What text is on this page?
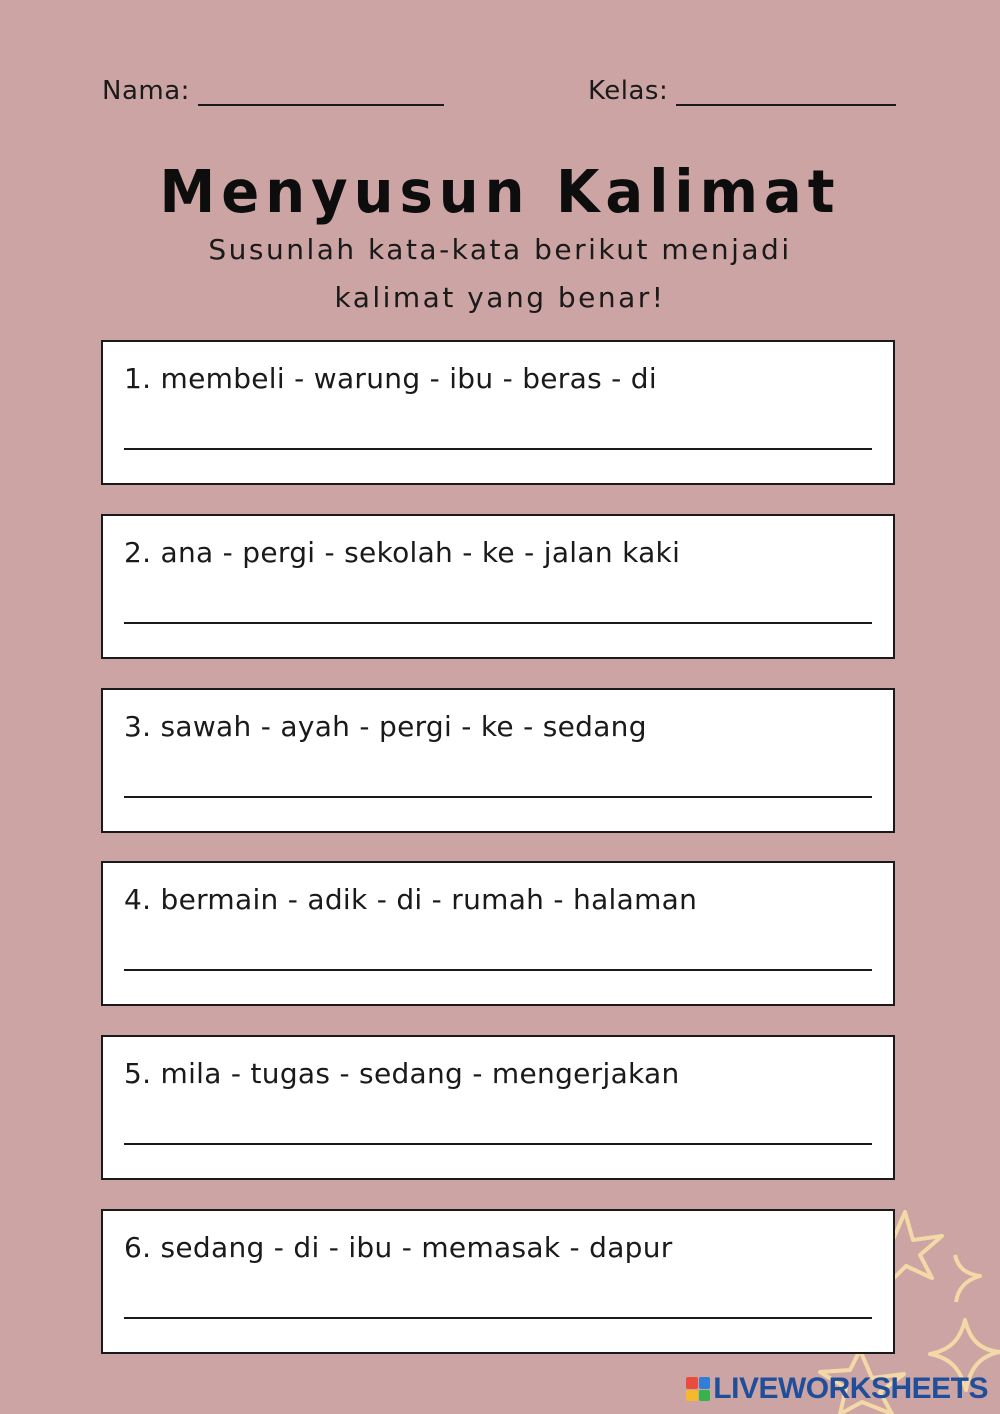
Nama:	Kelas:
Menyusun Kalimat
Susunlah kata-kata berikut menjadi
kalimat yang benar!
1. membeli - warung - ibu - beras - di
2. ana - pergi - sekolah - ke - jalan kaki
3. sawah - ayah - pergi - ke - sedang
4. bermain - adik - di - rumah - halaman
5. mila - tugas - sedang - mengerjakan
6. sedang - di - ibu - memasak - dapur
LIVEWORKSHEETS
